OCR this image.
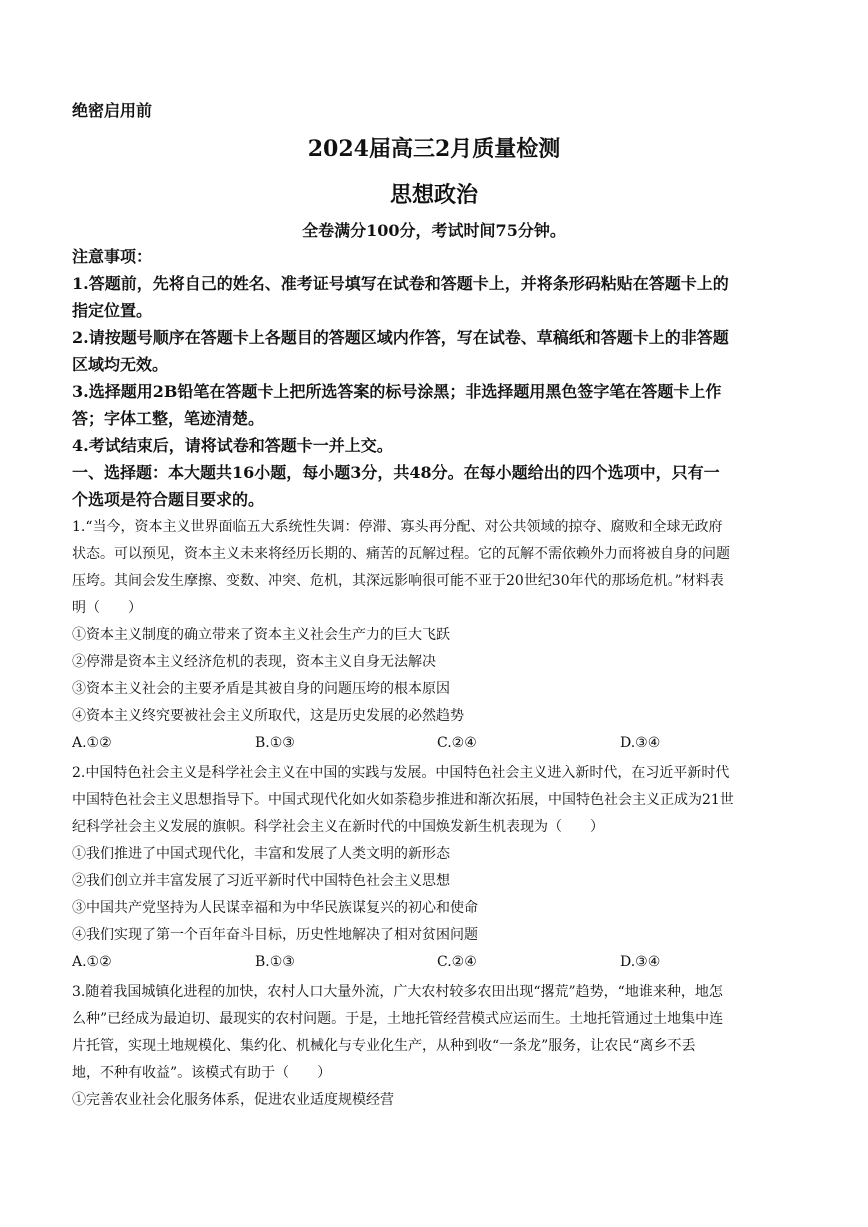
绝密启用前
2024届高三2月质量检测
思想政治
全卷满分100分，考试时间75分钟。
注意事项：
1.答题前，先将自己的姓名、准考证号填写在试卷和答题卡上，并将条形码粘贴在答题卡上的
指定位置。
2.请按题号顺序在答题卡上各题目的答题区域内作答，写在试卷、草稿纸和答题卡上的非答题
区域均无效。
3.选择题用2B铅笔在答题卡上把所选答案的标号涂黑；非选择题用黑色签字笔在答题卡上作
答；字体工整，笔迹清楚。
4.考试结束后，请将试卷和答题卡一并上交。
一、选择题：本大题共16小题，每小题3分，共48分。在每小题给出的四个选项中，只有一
个选项是符合题目要求的。
1.“当今，资本主义世界面临五大系统性失调：停滞、寡头再分配、对公共领域的掠夺、腐败和全球无政府
状态。可以预见，资本主义未来将经历长期的、痛苦的瓦解过程。它的瓦解不需依赖外力而将被自身的问题
压垮。其间会发生摩擦、变数、冲突、危机，其深远影响很可能不亚于20世纪30年代的那场危机。”材料表
明（　　）
①资本主义制度的确立带来了资本主义社会生产力的巨大飞跃
②停滞是资本主义经济危机的表现，资本主义自身无法解决
③资本主义社会的主要矛盾是其被自身的问题压垮的根本原因
④资本主义终究要被社会主义所取代，这是历史发展的必然趋势
A.①②	B.①③	C.②④	D.③④
2.中国特色社会主义是科学社会主义在中国的实践与发展。中国特色社会主义进入新时代，在习近平新时代
中国特色社会主义思想指导下。中国式现代化如火如荼稳步推进和渐次拓展，中国特色社会主义正成为21世
纪科学社会主义发展的旗帜。科学社会主义在新时代的中国焕发新生机表现为（　　）
①我们推进了中国式现代化，丰富和发展了人类文明的新形态
②我们创立并丰富发展了习近平新时代中国特色社会主义思想
③中国共产党坚持为人民谋幸福和为中华民族谋复兴的初心和使命
④我们实现了第一个百年奋斗目标，历史性地解决了相对贫困问题
A.①②	B.①③	C.②④	D.③④
3.随着我国城镇化进程的加快，农村人口大量外流，广大农村较多农田出现“撂荒”趋势，“地谁来种，地怎
么种”已经成为最迫切、最现实的农村问题。于是，土地托管经营模式应运而生。土地托管通过土地集中连
片托管，实现土地规模化、集约化、机械化与专业化生产，从种到收“一条龙”服务，让农民“离乡不丢
地，不种有收益”。该模式有助于（　　）
①完善农业社会化服务体系，促进农业适度规模经营
